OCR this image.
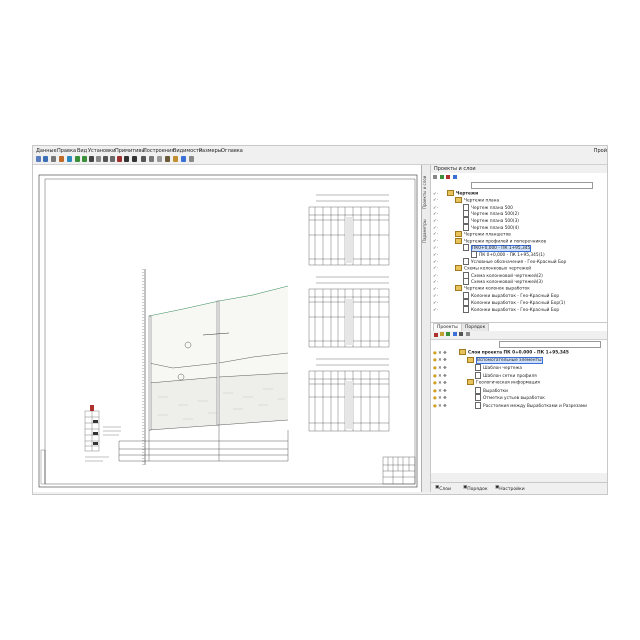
Данные Правка Вид Установки Примитивы
Построения
Видимости
Размеры Оглавка	Прой
Проекты и слои
Параметры
Проекты и слои

✓·	Чертежи
✓·	Чертежи плана
✓·	Чертеж плана 500
✓·	Чертеж плана 500(2)
✓·	Чертеж плана 500(3)
✓·	Чертеж плана 500(4)
✓·	Чертежи планшетов
✓·	Чертежи профилей и поперечников
✓·	ПК0+0,000 - ПК 1+95,345
✓·	ПК 0+0,000 - ПК 1+95,345(1)
✓·	Условные обозначения - Гео-Красный Бор
✓·	Схемы колонковых чертежей
✓·	Схема колонковой чертежей(2)
✓·	Схема колонковой чертежей(3)
✓·	Чертежи колонок выработок
✓·	Колонки выработок - Гео-Красный Бор
✓·	Колонки выработок - Гео-Красный Бор(1)
✓·	Колонки выработок - Гео-Красный Бор
Проекты	Порядок

● ✕ ✥	Слои проекта ПК 0+0.000 - ПК 1+95,345
● ✕ ✥	Вспомогательные элементы
● ✕ ✥	Шаблон чертежа
● ✕ ✥	Шаблон сетки профиля
● ✕ ✥	Геологическая информация
● ✕ ✥	Выработки
● ✕ ✥	Отметки устьев выработок
● ✕ ✥	Расстояния между Выработками и Разрезами
▣ Слои	▣ Порядок ▣ Настройки
